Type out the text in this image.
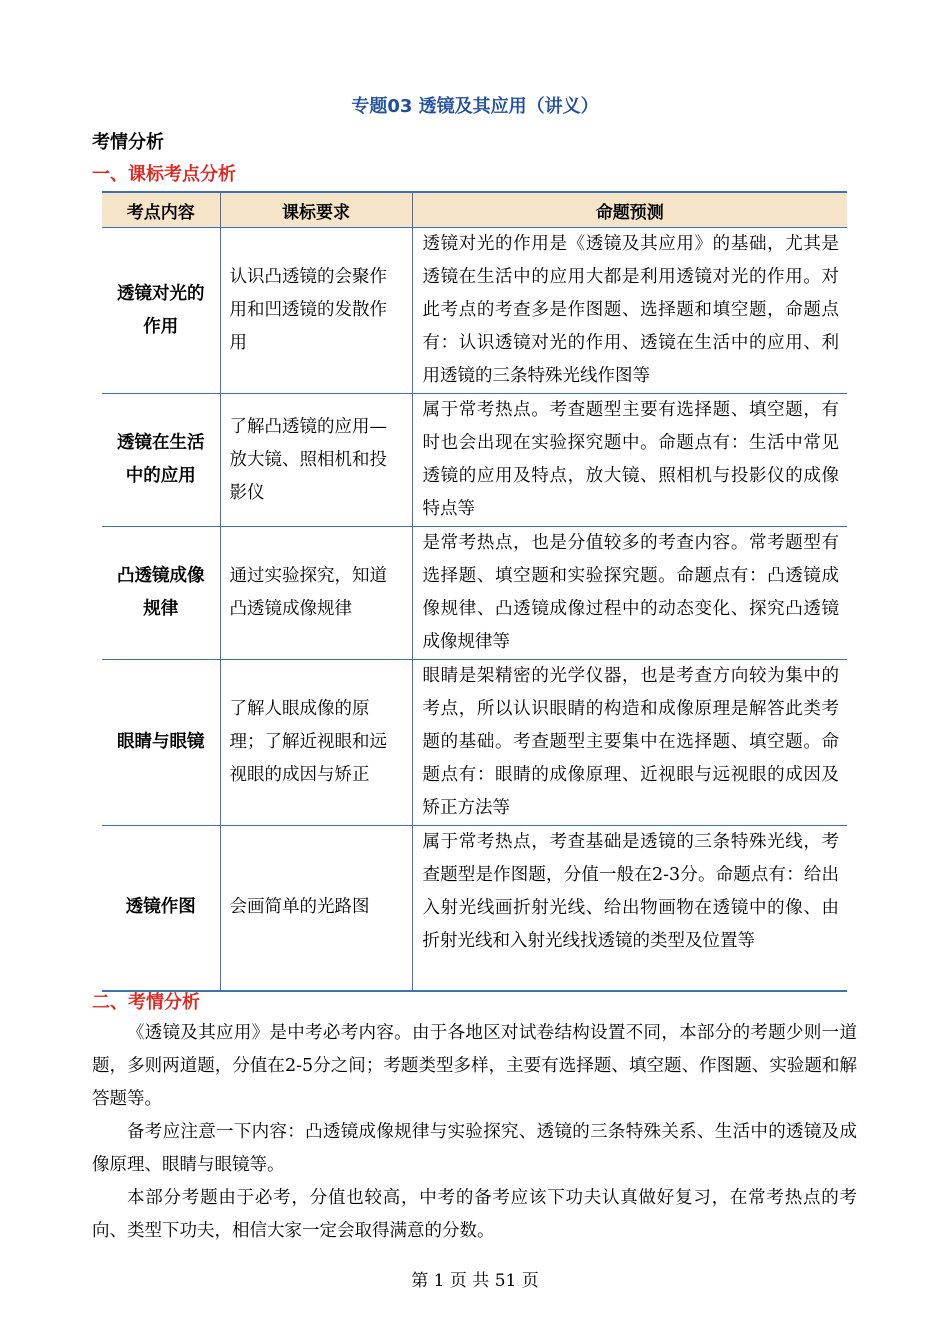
专题03 透镜及其应用（讲义）
考情分析
一、课标考点分析
考点内容	课标要求	命题预测
透镜对光的作用	认识凸透镜的会聚作用和凹透镜的发散作用	透镜对光的作用是《透镜及其应用》的基础，尤其是透镜在生活中的应用大都是利用透镜对光的作用。对此考点的考查多是作图题、选择题和填空题，命题点有：认识透镜对光的作用、透镜在生活中的应用、利用透镜的三条特殊光线作图等
透镜在生活中的应用	了解凸透镜的应用—放大镜、照相机和投影仪	属于常考热点。考查题型主要有选择题、填空题，有时也会出现在实验探究题中。命题点有：生活中常见透镜的应用及特点，放大镜、照相机与投影仪的成像特点等
凸透镜成像规律	通过实验探究，知道凸透镜成像规律	是常考热点，也是分值较多的考查内容。常考题型有选择题、填空题和实验探究题。命题点有：凸透镜成像规律、凸透镜成像过程中的动态变化、探究凸透镜成像规律等
眼睛与眼镜	了解人眼成像的原理；了解近视眼和远视眼的成因与矫正	眼睛是架精密的光学仪器，也是考查方向较为集中的考点，所以认识眼睛的构造和成像原理是解答此类考题的基础。考查题型主要集中在选择题、填空题。命题点有：眼睛的成像原理、近视眼与远视眼的成因及矫正方法等
透镜作图	会画简单的光路图	属于常考热点，考查基础是透镜的三条特殊光线，考查题型是作图题，分值一般在2-3分。命题点有：给出入射光线画折射光线、给出物画物在透镜中的像、由折射光线和入射光线找透镜的类型及位置等
二、考情分析

《透镜及其应用》是中考必考内容。由于各地区对试卷结构设置不同，本部分的考题少则一道题，多则两道题，分值在2-5分之间；考题类型多样，主要有选择题、填空题、作图题、实验题和解答题等。

备考应注意一下内容：凸透镜成像规律与实验探究、透镜的三条特殊关系、生活中的透镜及成像原理、眼睛与眼镜等。

本部分考题由于必考，分值也较高，中考的备考应该下功夫认真做好复习，在常考热点的考向、类型下功夫，相信大家一定会取得满意的分数。

第 1 页 共 51 页
